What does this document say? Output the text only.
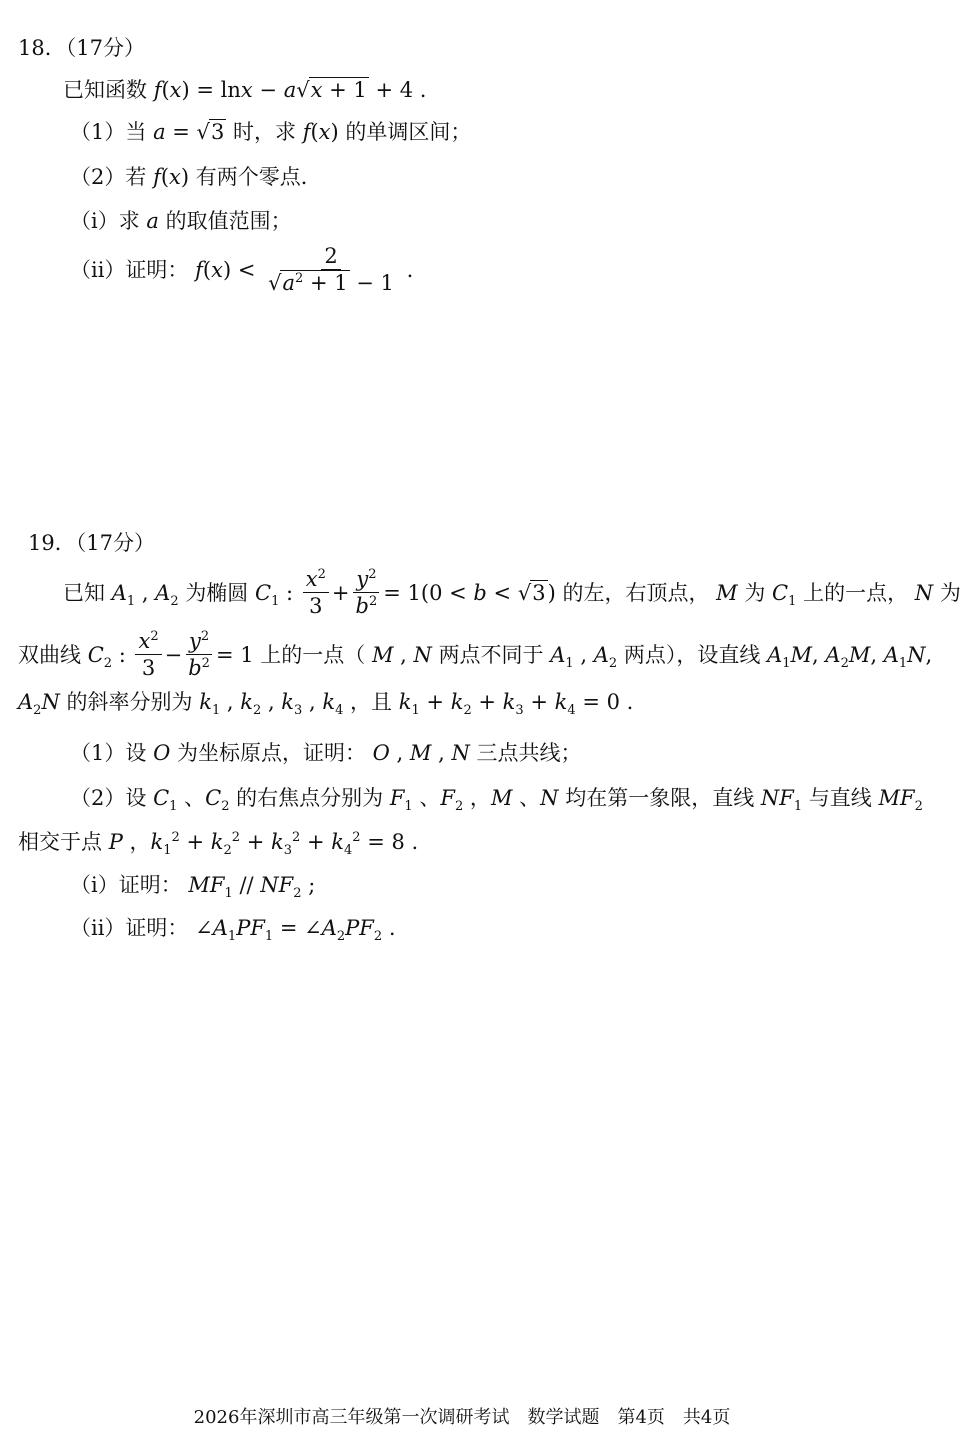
18．（17分）
已知函数 f(x) = lnx − a√x + 1 + 4 .
（1）当 a = √3 时，求 f(x) 的单调区间；
（2）若 f(x) 有两个零点．
（i）求 a 的取值范围；
（ii）证明： $f(x) < \frac{2}{√a^2 + 1 - 1}$ .
19．（17分）
已知 $A_1$ , $A_2$ 为椭圆 $C_1$ : $\frac{x^2}{3} + \frac{y^2}{b^2} = 1(0 < b < √3)$ 的左，右顶点， M 为 $C_1$ 上的一点， N 为
双曲线 $C_2$ : $\frac{x^2}{3} - \frac{y^2}{b^2} = 1$ 上的一点（ M , N 两点不同于 $A_1$ , $A_2$ 两点），设直线 $A_1M$, $A_2M$, $A_1N$,
$A_2N$ 的斜率分别为 $k_1$ , $k_2$ , $k_3$ , $k_4$ ，且 $k_1 + k_2 + k_3 + k_4 = 0$ .
（1）设 O 为坐标原点，证明： O , M , N 三点共线；
（2）设 $C_1$ 、$C_2$ 的右焦点分别为 $F_1$ 、$F_2$ ，M 、N 均在第一象限，直线 $NF_1$ 与直线 $MF_2$
相交于点 P ，$k_1^2 + k_2^2 + k_3^2 + k_4^2 = 8$ .
（i）证明： $MF_1 // NF_2$ ;
（ii）证明： $\angle A_1PF_1$ = $\angle A_2PF_2$ .
2026年深圳市高三年级第一次调研考试　数学试题　第4页　共4页
